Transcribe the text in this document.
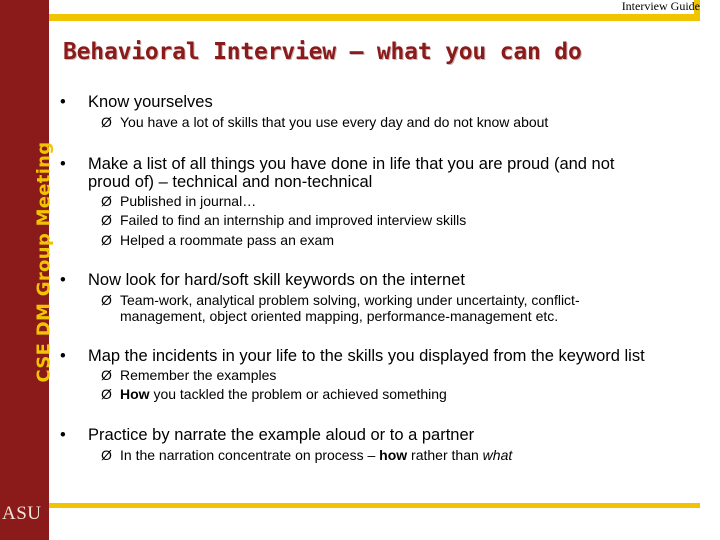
Interview Guide
CSE DM Group Meeting
ASU
Behavioral Interview – what you can do
•	Know yourselves
Ø You have a lot of skills that you use every day and do not know about
•	Make a list of all things you have done in life that you are proud (and not
proud of) – technical and non-technical
Ø Published in journal…
Ø Failed to find an internship and improved interview skills
Ø Helped a roommate pass an exam
•	Now look for hard/soft skill keywords on the internet
Ø Team-work, analytical problem solving, working under uncertainty, conflict-
management, object oriented mapping, performance-management etc.
•	Map the incidents in your life to the skills you displayed from the keyword list
Ø Remember the examples
Ø How you tackled the problem or achieved something
•	Practice by narrate the example aloud or to a partner
Ø In the narration concentrate on process – how rather than what
